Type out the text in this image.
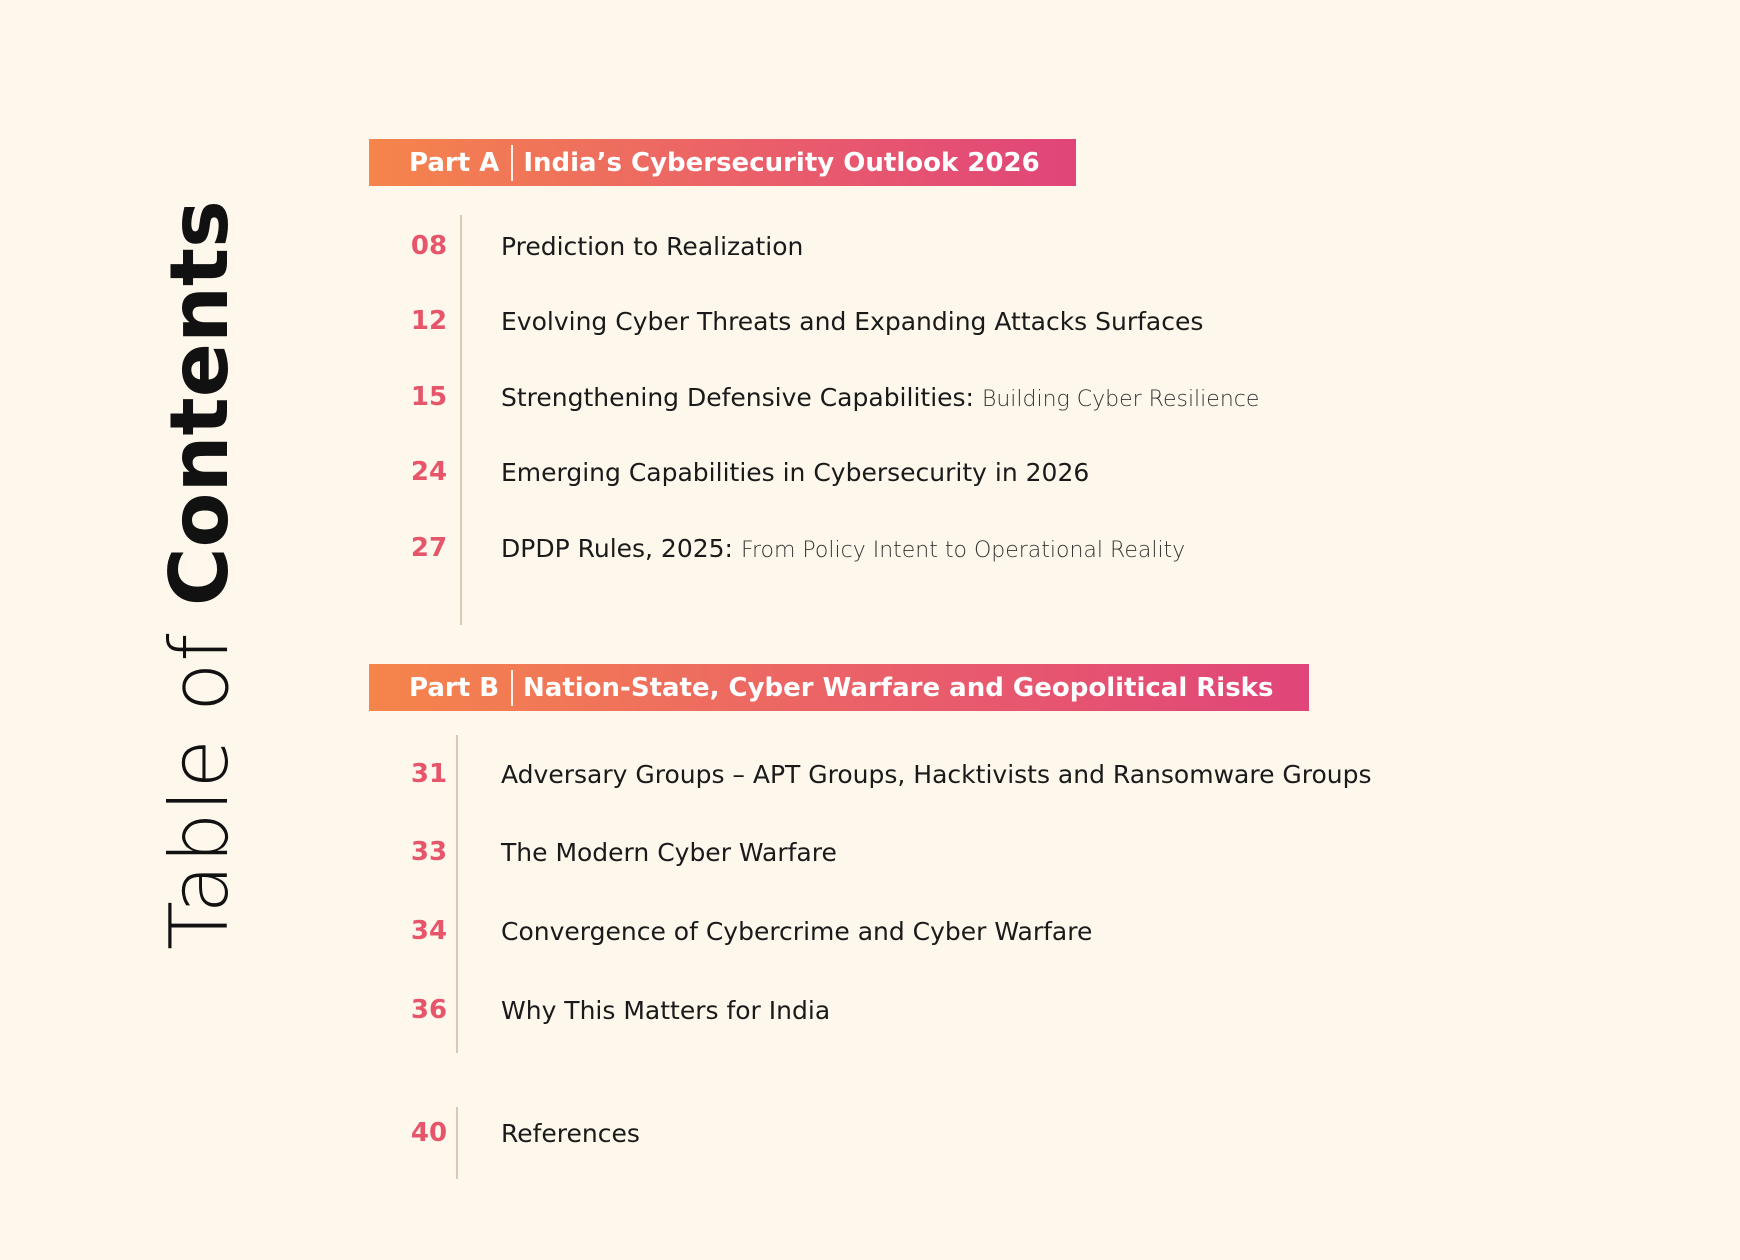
Table of Contents
Part A India’s Cybersecurity Outlook 2026
08	Prediction to Realization
12	Evolving Cyber Threats and Expanding Attacks Surfaces
15	Strengthening Defensive Capabilities: Building Cyber Resilience
24	Emerging Capabilities in Cybersecurity in 2026
27	DPDP Rules, 2025: From Policy Intent to Operational Reality
Part B Nation-State, Cyber Warfare and Geopolitical Risks
31	Adversary Groups – APT Groups, Hacktivists and Ransomware Groups
33	The Modern Cyber Warfare
34	Convergence of Cybercrime and Cyber Warfare
36	Why This Matters for India
40	References
